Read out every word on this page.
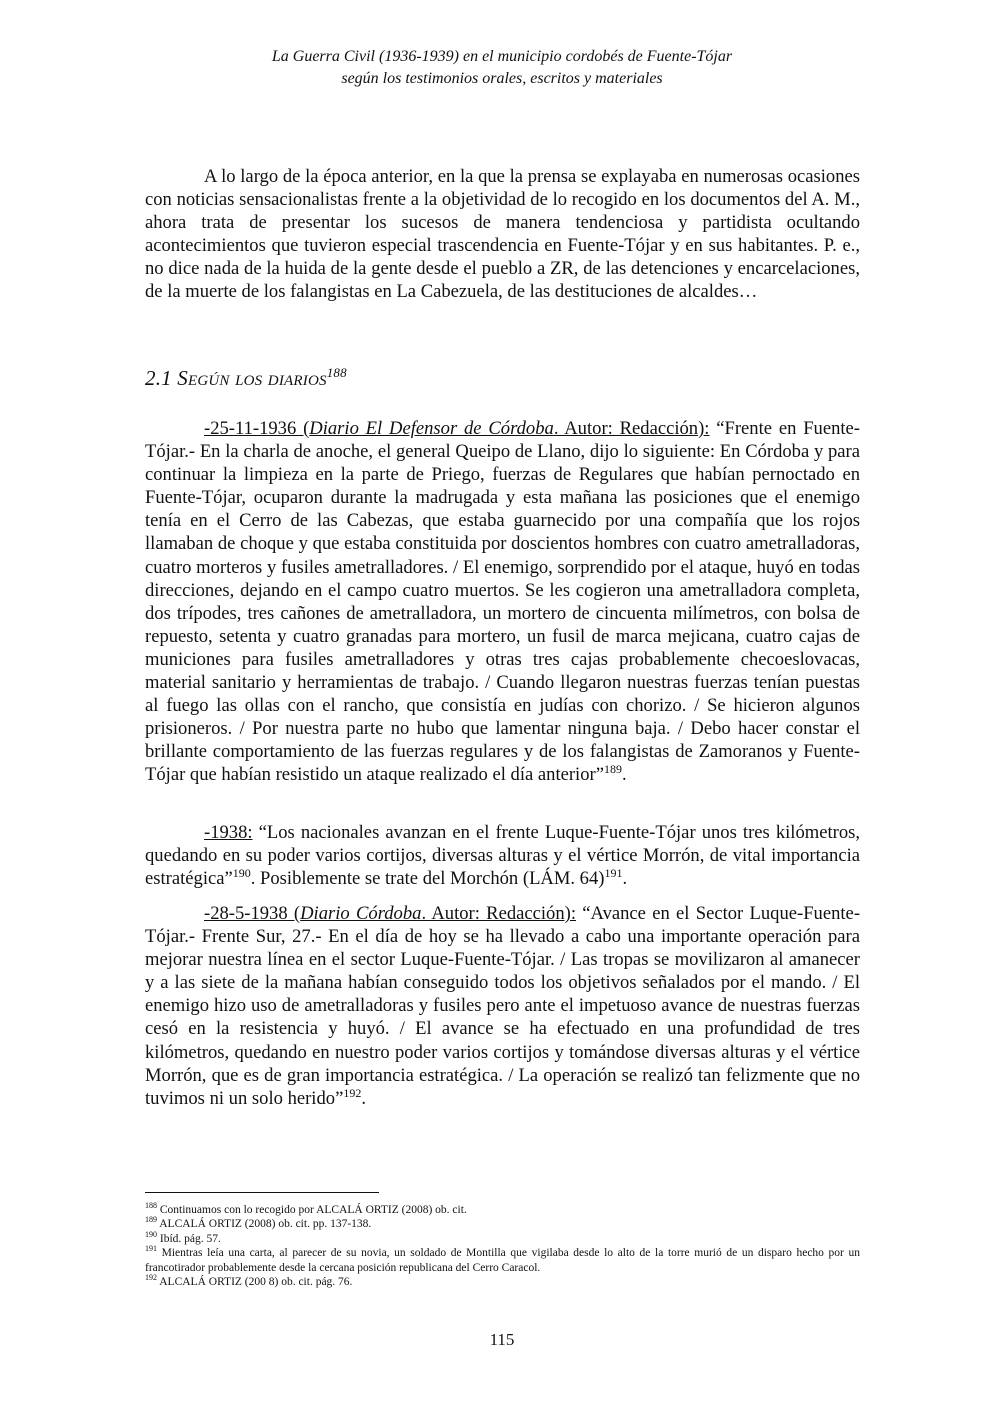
La Guerra Civil (1936-1939) en el municipio cordobés de Fuente-Tójar
según los testimonios orales, escritos y materiales

A lo largo de la época anterior, en la que la prensa se explayaba en numerosas ocasiones con noticias sensacionalistas frente a la objetividad de lo recogido en los documentos del A. M., ahora trata de presentar los sucesos de manera tendenciosa y partidista ocultando acontecimientos que tuvieron especial trascendencia en Fuente-Tójar y en sus habitantes. P. e., no dice nada de la huida de la gente desde el pueblo a ZR, de las detenciones y encarcelaciones, de la muerte de los falangistas en La Cabezuela, de las destituciones de alcaldes…

2.1 Según los diarios$^{188}$

-25-11-1936 (Diario El Defensor de Córdoba. Autor: Redacción): “Frente en Fuente-Tójar.- En la charla de anoche, el general Queipo de Llano, dijo lo siguiente: En Córdoba y para continuar la limpieza en la parte de Priego, fuerzas de Regulares que habían pernoctado en Fuente-Tójar, ocuparon durante la madrugada y esta mañana las posiciones que el enemigo tenía en el Cerro de las Cabezas, que estaba guarnecido por una compañía que los rojos llamaban de choque y que estaba constituida por doscientos hombres con cuatro ametralladoras, cuatro morteros y fusiles ametralladores. / El enemigo, sorprendido por el ataque, huyó en todas direcciones, dejando en el campo cuatro muertos. Se les cogieron una ametralladora completa, dos trípodes, tres cañones de ametralladora, un mortero de cincuenta milímetros, con bolsa de repuesto, setenta y cuatro granadas para mortero, un fusil de marca mejicana, cuatro cajas de municiones para fusiles ametralladores y otras tres cajas probablemente checoeslovacas, material sanitario y herramientas de trabajo. / Cuando llegaron nuestras fuerzas tenían puestas al fuego las ollas con el rancho, que consistía en judías con chorizo. / Se hicieron algunos prisioneros. / Por nuestra parte no hubo que lamentar ninguna baja. / Debo hacer constar el brillante comportamiento de las fuerzas regulares y de los falangistas de Zamoranos y Fuente-Tójar que habían resistido un ataque realizado el día anterior”$^{189}$.

-1938: “Los nacionales avanzan en el frente Luque-Fuente-Tójar unos tres kilómetros, quedando en su poder varios cortijos, diversas alturas y el vértice Morrón, de vital importancia estratégica”$^{190}$. Posiblemente se trate del Morchón (LÁM. 64)$^{191}$.

-28-5-1938 (Diario Córdoba. Autor: Redacción): “Avance en el Sector Luque-Fuente-Tójar.- Frente Sur, 27.- En el día de hoy se ha llevado a cabo una importante operación para mejorar nuestra línea en el sector Luque-Fuente-Tójar. / Las tropas se movilizaron al amanecer y a las siete de la mañana habían conseguido todos los objetivos señalados por el mando. / El enemigo hizo uso de ametralladoras y fusiles pero ante el impetuoso avance de nuestras fuerzas cesó en la resistencia y huyó. / El avance se ha efectuado en una profundidad de tres kilómetros, quedando en nuestro poder varios cortijos y tomándose diversas alturas y el vértice Morrón, que es de gran importancia estratégica. / La operación se realizó tan felizmente que no tuvimos ni un solo herido”$^{192}$.

$^{188}$ Continuamos con lo recogido por ALCALÁ ORTIZ (2008) ob. cit.
$^{189}$ ALCALÁ ORTIZ (2008) ob. cit. pp. 137-138.
$^{190}$ Ibíd. pág. 57.
$^{191}$ Mientras leía una carta, al parecer de su novia, un soldado de Montilla que vigilaba desde lo alto de la torre murió de un disparo hecho por un francotirador probablemente desde la cercana posición republicana del Cerro Caracol.
$^{192}$ ALCALÁ ORTIZ (200 8) ob. cit. pág. 76.
115
